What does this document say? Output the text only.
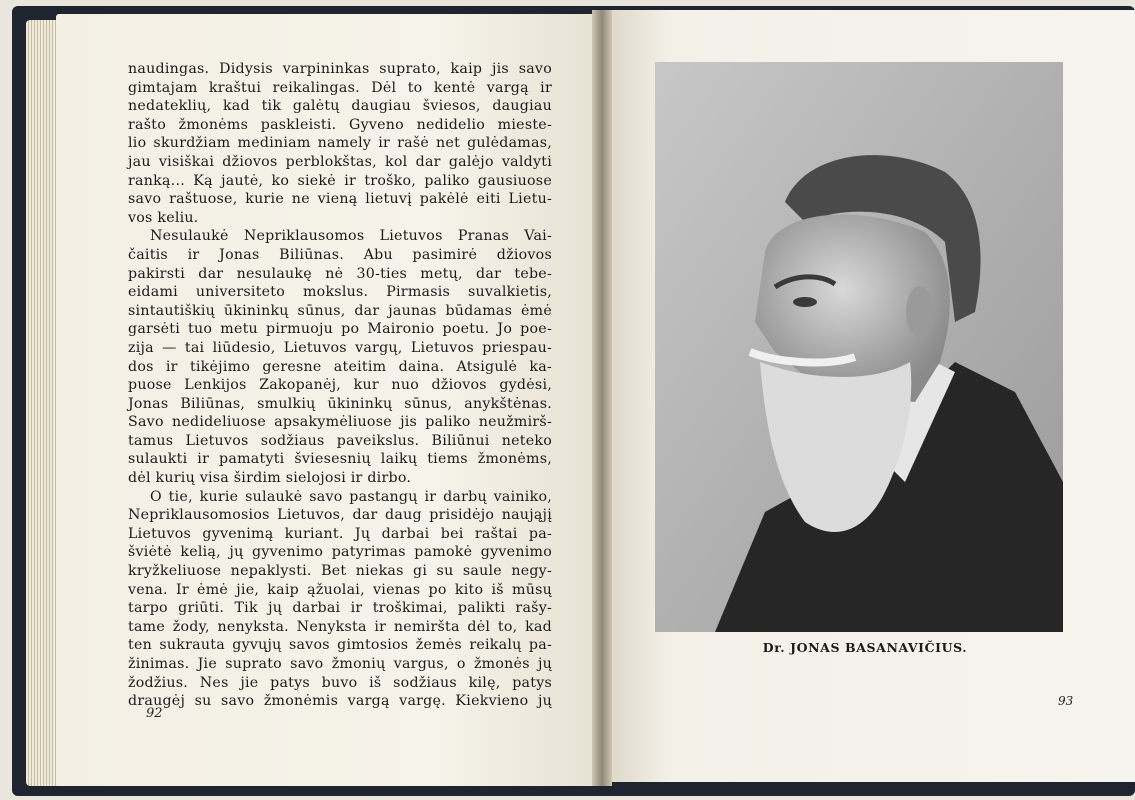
naudingas. Didysis varpininkas suprato, kaip jis savo
gimtajam kraštui reikalingas. Dėl to kentė vargą ir
nedateklių, kad tik galėtų daugiau šviesos, daugiau
rašto žmonėms paskleisti. Gyveno nedidelio mieste-
lio skurdžiam mediniam namely ir rašė net gulėdamas,
jau visiškai džiovos perblokštas, kol dar galėjo valdyti
ranką... Ką jautė, ko siekė ir troško, paliko gausiuose
savo raštuose, kurie ne vieną lietuvį pakėlė eiti Lietu-
vos keliu.
Nesulaukė Nepriklausomos Lietuvos Pranas Vai-
čaitis ir Jonas Biliūnas. Abu pasimirė džiovos
pakirsti dar nesulaukę nė 30-ties metų, dar tebe-
eidami universiteto mokslus. Pirmasis suvalkietis,
sintautiškių ūkininkų sūnus, dar jaunas būdamas ėmė
garsėti tuo metu pirmuoju po Maironio poetu. Jo poe-
zija — tai liūdesio, Lietuvos vargų, Lietuvos priespau-
dos ir tikėjimo geresne ateitim daina. Atsigulė ka-
puose Lenkijos Zakopanėj, kur nuo džiovos gydėsi,
Jonas Biliūnas, smulkių ūkininkų sūnus, anykštėnas.
Savo nedideliuose apsakymėliuose jis paliko neužmirš-
tamus Lietuvos sodžiaus paveikslus. Biliūnui neteko
sulaukti ir pamatyti šviesesnių laikų tiems žmonėms,
dėl kurių visa širdim sielojosi ir dirbo.
O tie, kurie sulaukė savo pastangų ir darbų vainiko,
Nepriklausomosios Lietuvos, dar daug prisidėjo naująjį
Lietuvos gyvenimą kuriant. Jų darbai bei raštai pa-
šviėtė kelią, jų gyvenimo patyrimas pamokė gyvenimo
kryžkeliuose nepaklysti. Bet niekas gi su saule negy-
vena. Ir ėmė jie, kaip ąžuolai, vienas po kito iš mūsų
tarpo griūti. Tik jų darbai ir troškimai, palikti rašy-
tame žody, nenyksta. Nenyksta ir nemiršta dėl to, kad
ten sukrauta gyvųjų savos gimtosios žemės reikalų pa-
žinimas. Jie suprato savo žmonių vargus, o žmonės jų
žodžius. Nes jie patys buvo iš sodžiaus kilę, patys
draugėj su savo žmonėmis vargą vargę. Kiekvieno jų
92
Dr. JONAS BASANAVIČIUS.
93
